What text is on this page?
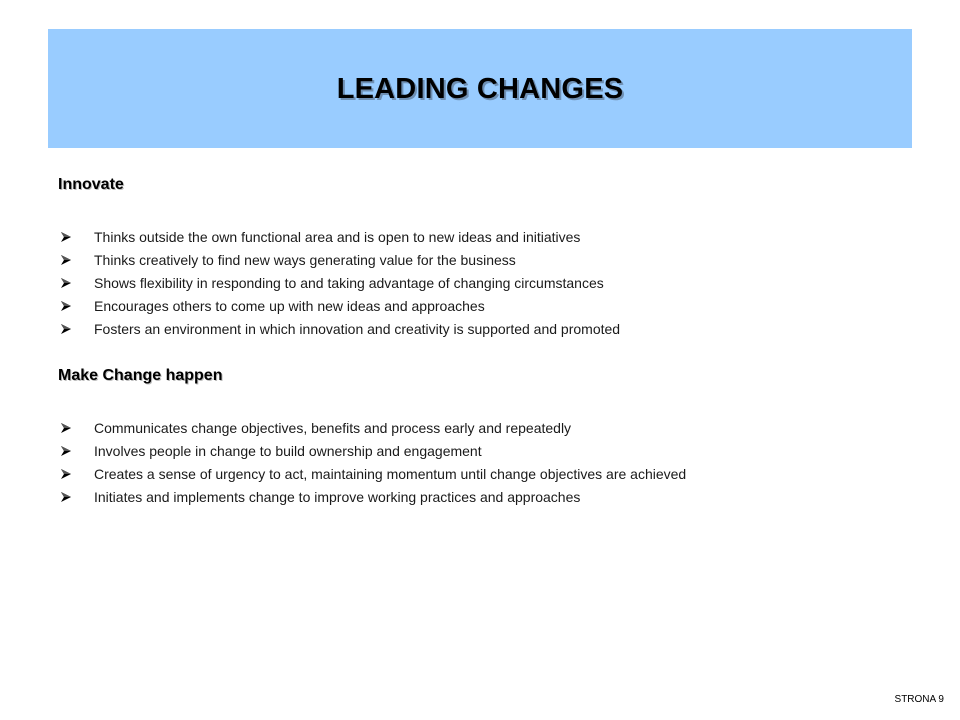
LEADING CHANGES
Innovate
Thinks outside the own functional area and is open to new ideas and initiatives
Thinks creatively to find new ways generating value for the business
Shows flexibility in responding to and taking advantage of changing circumstances
Encourages others to come up with new ideas and approaches
Fosters an environment in which innovation and creativity is supported and promoted
Make Change happen
Communicates change objectives, benefits and process early and repeatedly
Involves people in change to build ownership and engagement
Creates a sense of urgency to act, maintaining momentum until change objectives are achieved
Initiates and implements change to improve working practices and approaches
STRONA 9
